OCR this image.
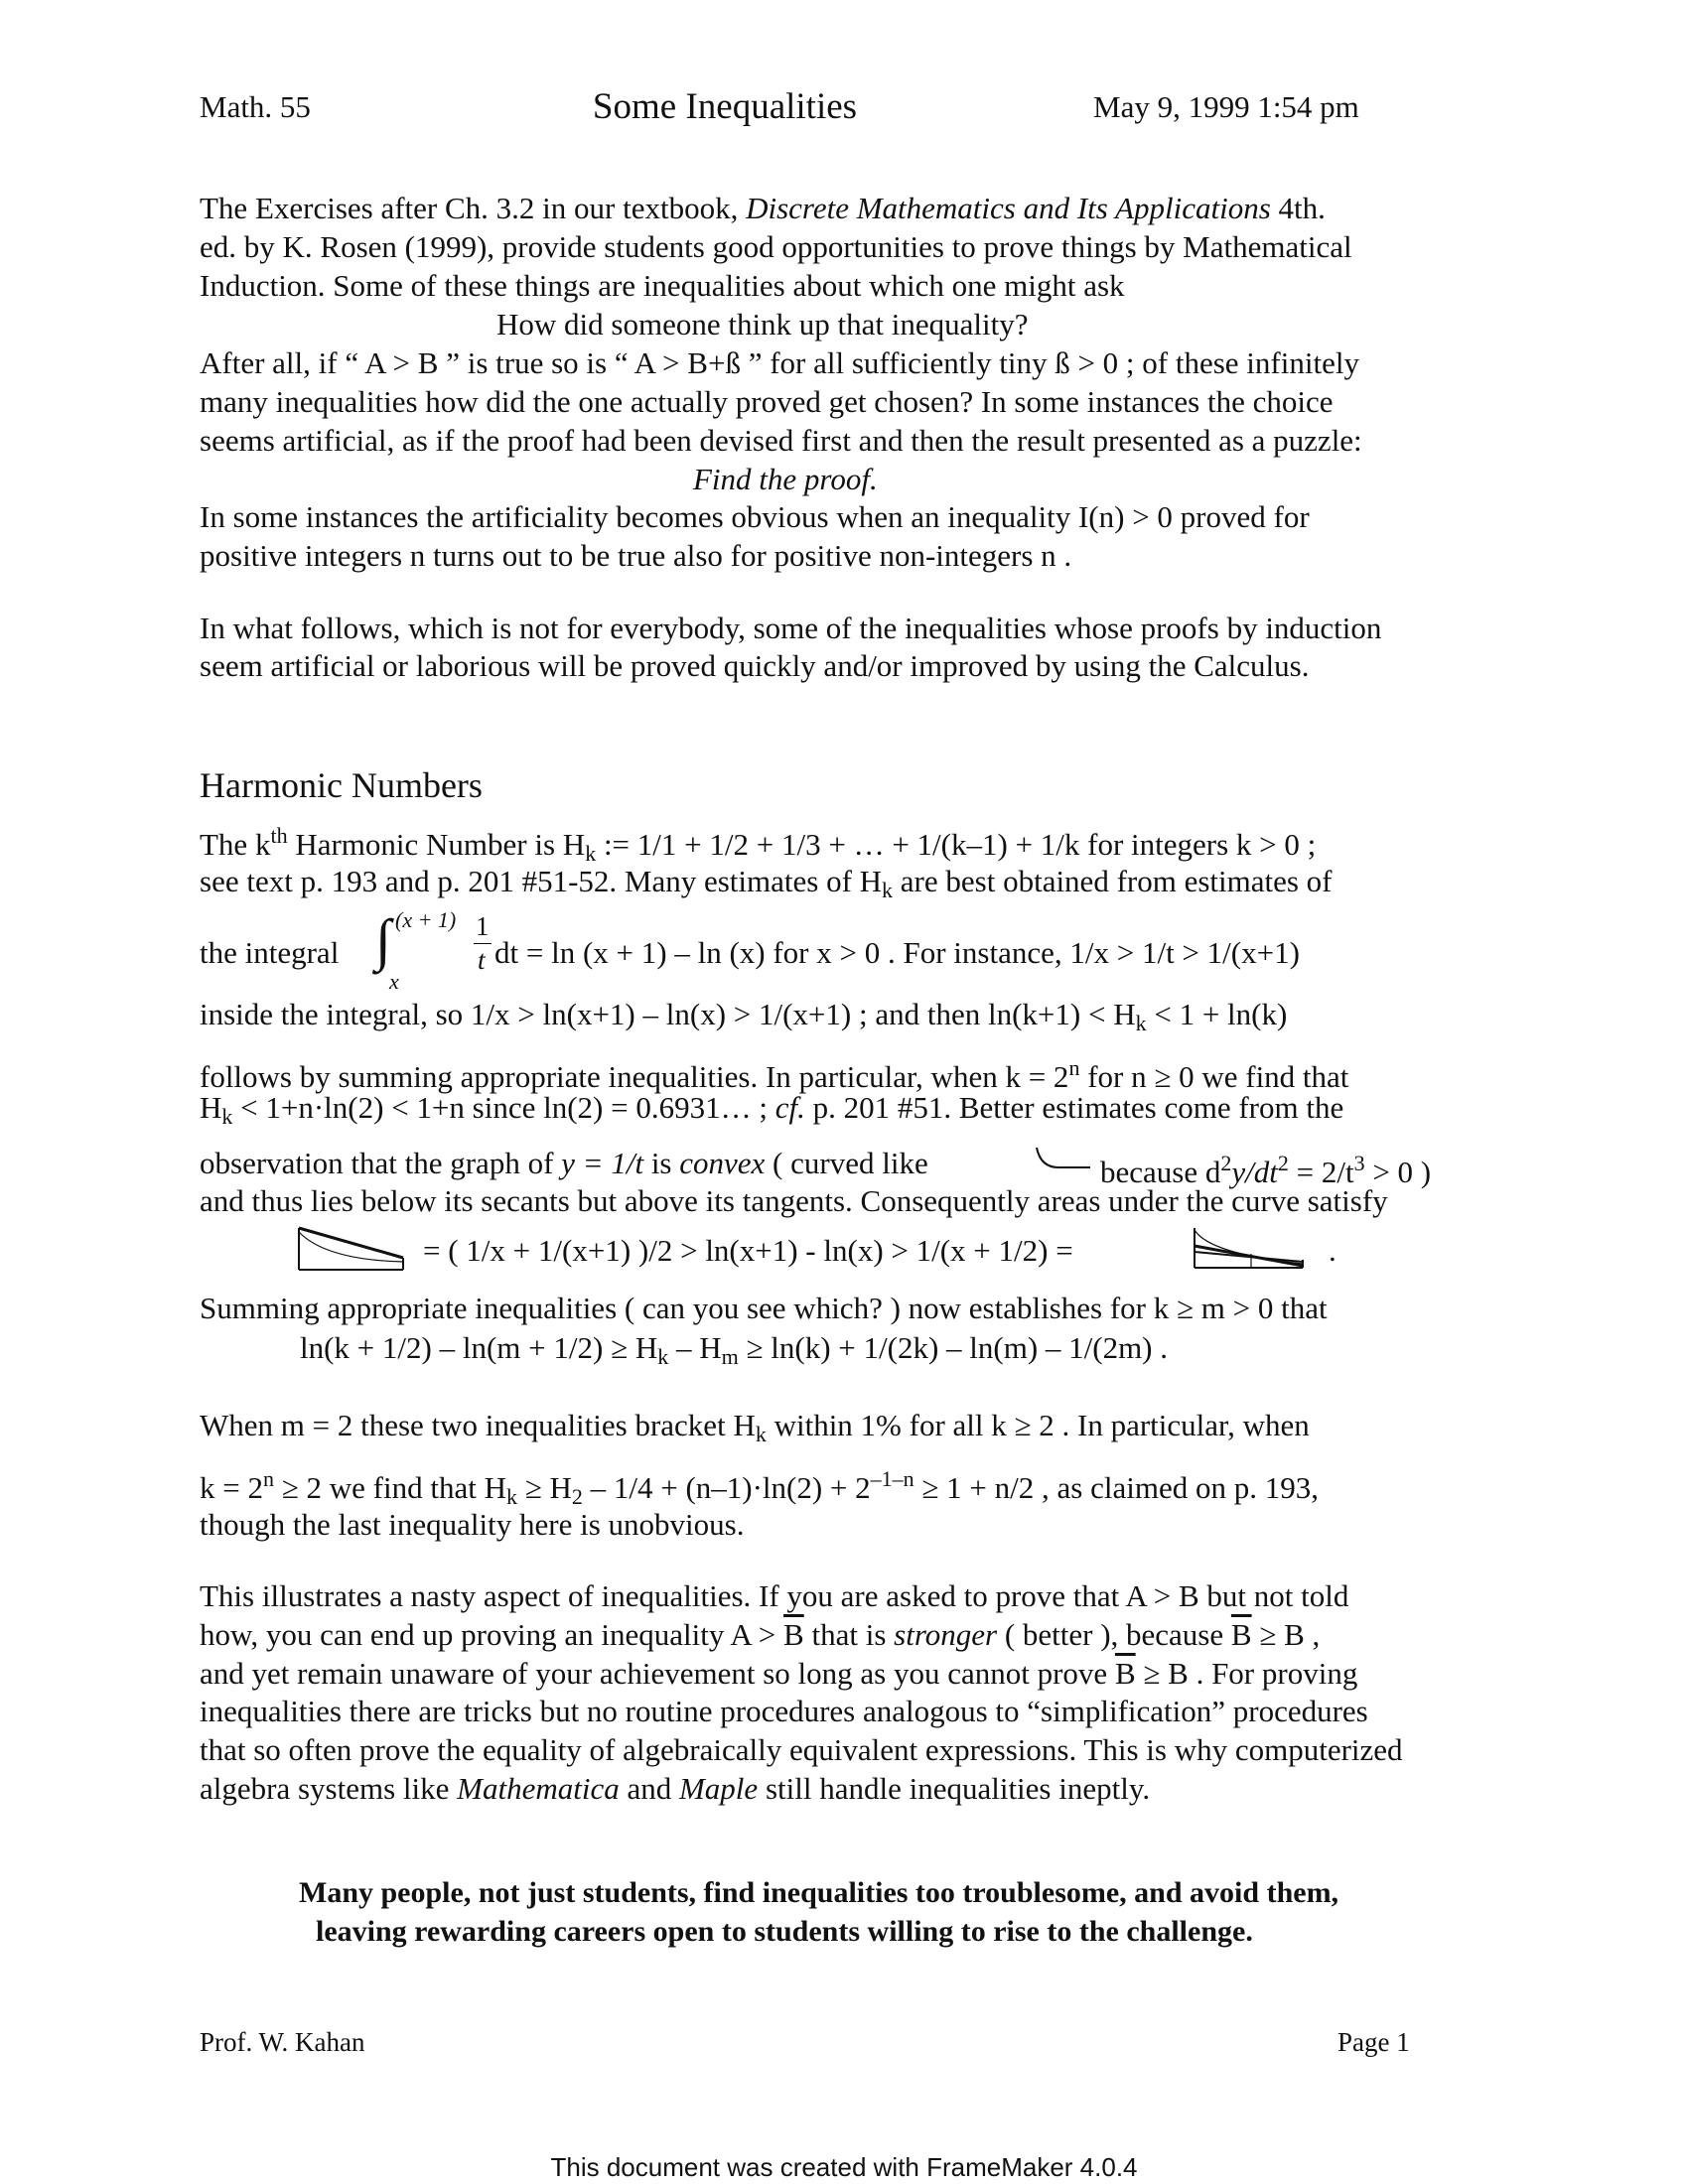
Math. 55	Some Inequalities	May 9, 1999 1:54 pm
The Exercises after Ch. 3.2 in our textbook, Discrete Mathematics and Its Applications 4th.
ed. by K. Rosen (1999), provide students good opportunities to prove things by Mathematical
Induction. Some of these things are inequalities about which one might ask
How did someone think up that inequality?
After all, if “ A > B ” is true so is “ A > B+ß ” for all sufficiently tiny ß > 0 ; of these infinitely
many inequalities how did the one actually proved get chosen? In some instances the choice
seems artificial, as if the proof had been devised first and then the result presented as a puzzle:
Find the proof.
In some instances the artificiality becomes obvious when an inequality I(n) > 0 proved for
positive integers n turns out to be true also for positive non-integers n .
In what follows, which is not for everybody, some of the inequalities whose proofs by induction
seem artificial or laborious will be proved quickly and/or improved by using the Calculus.
Harmonic Numbers
The $k^{th}$ Harmonic Number is $H_k$ := 1/1 + 1/2 + 1/3 + … + 1/(k–1) + 1/k for integers k > 0 ;
see text p. 193 and p. 201 #51-52. Many estimates of $H_k$ are best obtained from estimates of
the integral ∫ (x + 1)
x
1
t dt = ln (x + 1) – ln (x) for x > 0 . For instance, 1/x > 1/t > 1/(x+1)
inside the integral, so 1/x > ln(x+1) – ln(x) > 1/(x+1) ; and then $\ln(k+1) < H_k < 1 + \ln(k)$
follows by summing appropriate inequalities. In particular, when $k = 2^n$ for n ≥ 0 we find that
$H_k < 1+n\cdot\ln(2) < 1+n$ since ln(2) = 0.6931… ; cf. p. 201 #51. Better estimates come from the
observation that the graph of y = 1/t is convex ( curved like	because $d^2y/dt^2 = 2/t^3 > 0$ )
and thus lies below its secants but above its tangents. Consequently areas under the curve satisfy
= ( 1/x + 1/(x+1) )/2 > ln(x+1) - ln(x) > 1/(x + 1/2) =	.
Summing appropriate inequalities ( can you see which? ) now establishes for k ≥ m > 0 that
$\ln(k + 1/2) - \ln(m + 1/2) \ge H_k - H_m \ge \ln(k) + 1/(2k) - \ln(m) - 1/(2m)$ .
When m = 2 these two inequalities bracket $H_k$ within 1% for all k ≥ 2 . In particular, when
$k = 2^n \ge 2$ we find that $H_k \ge H_2 - 1/4 + (n-1)\cdot\ln(2) + 2^{-1-n} \ge 1 + n/2$ , as claimed on p. 193,
though the last inequality here is unobvious.
This illustrates a nasty aspect of inequalities. If you are asked to prove that A > B but not told
how, you can end up proving an inequality $A > \overline{B}$ that is stronger ( better ), because $\overline{B} \ge B$ ,
and yet remain unaware of your achievement so long as you cannot prove $\overline{B} \ge B$ . For proving
inequalities there are tricks but no routine procedures analogous to “simplification” procedures
that so often prove the equality of algebraically equivalent expressions. This is why computerized
algebra systems like Mathematica and Maple still handle inequalities ineptly.
Many people, not just students, find inequalities too troublesome, and avoid them,
leaving rewarding careers open to students willing to rise to the challenge.
Prof. W. Kahan	Page 1
This document was created with FrameMaker 4.0.4
